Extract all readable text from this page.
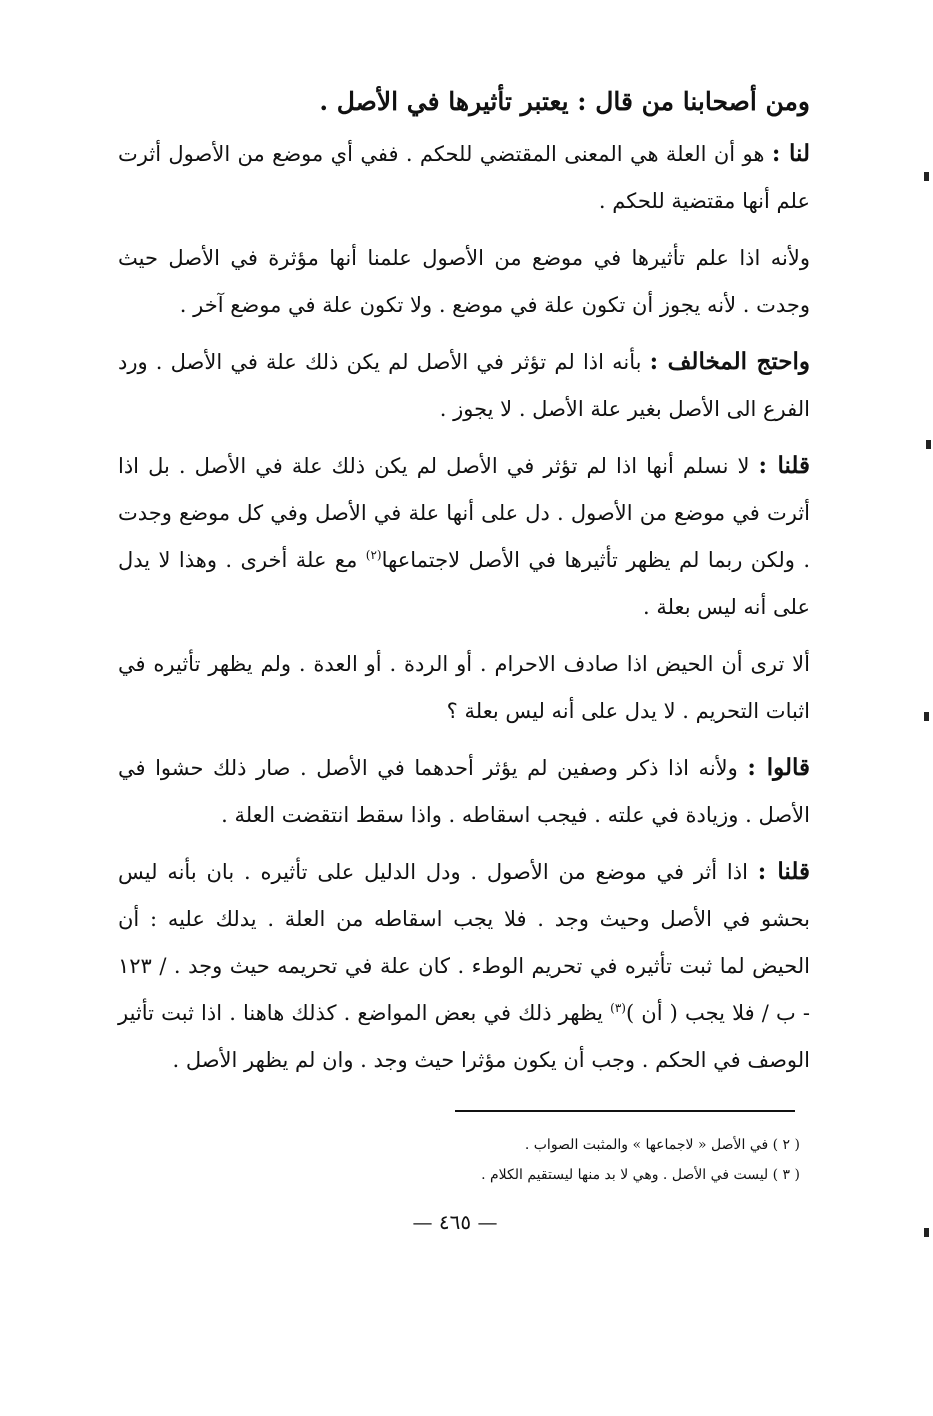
ومن أصحابنا من قال : يعتبر تأثيرها في الأصل .

لنا : هو أن العلة هي المعنى المقتضي للحكم . ففي أي موضع من الأصول أثرت علم أنها مقتضية للحكم .

ولأنه اذا علم تأثيرها في موضع من الأصول علمنا أنها مؤثرة في الأصل حيث وجدت . لأنه يجوز أن تكون علة في موضع . ولا تكون علة في موضع آخر .

واحتج المخالف : بأنه اذا لم تؤثر في الأصل لم يكن ذلك علة في الأصل . ورد الفرع الى الأصل بغير علة الأصل . لا يجوز .

قلنا : لا نسلم أنها اذا لم تؤثر في الأصل لم يكن ذلك علة في الأصل . بل اذا أثرت في موضع من الأصول . دل على أنها علة في الأصل وفي كل موضع وجدت . ولكن ربما لم يظهر تأثيرها في الأصل لاجتماعها$^{(٢)}$ مع علة أخرى . وهذا لا يدل على أنه ليس بعلة .

ألا ترى أن الحيض اذا صادف الاحرام . أو الردة . أو العدة . ولم يظهر تأثيره في اثبات التحريم . لا يدل على أنه ليس بعلة ؟

قالوا : ولأنه اذا ذكر وصفين لم يؤثر أحدهما في الأصل . صار ذلك حشوا في الأصل . وزيادة في علته . فيجب اسقاطه . واذا سقط انتقضت العلة .

قلنا : اذا أثر في موضع من الأصول . ودل الدليل على تأثيره . بان بأنه ليس بحشو في الأصل وحيث وجد . فلا يجب اسقاطه من العلة . يدلك عليه : أن الحيض لما ثبت تأثيره في تحريم الوطء . كان علة في تحريمه حيث وجد . / ١٢٣ - ب / فلا يجب ( أن )$^{(٣)}$ يظهر ذلك في بعض المواضع . كذلك هاهنا . اذا ثبت تأثير الوصف في الحكم . وجب أن يكون مؤثرا حيث وجد . وان لم يظهر الأصل .

( ٢ ) في الأصل « لاجماعها » والمثبت الصواب .
( ٣ ) ليست في الأصل . وهي لا بد منها ليستقيم الكلام .
— ٤٦٥ —
